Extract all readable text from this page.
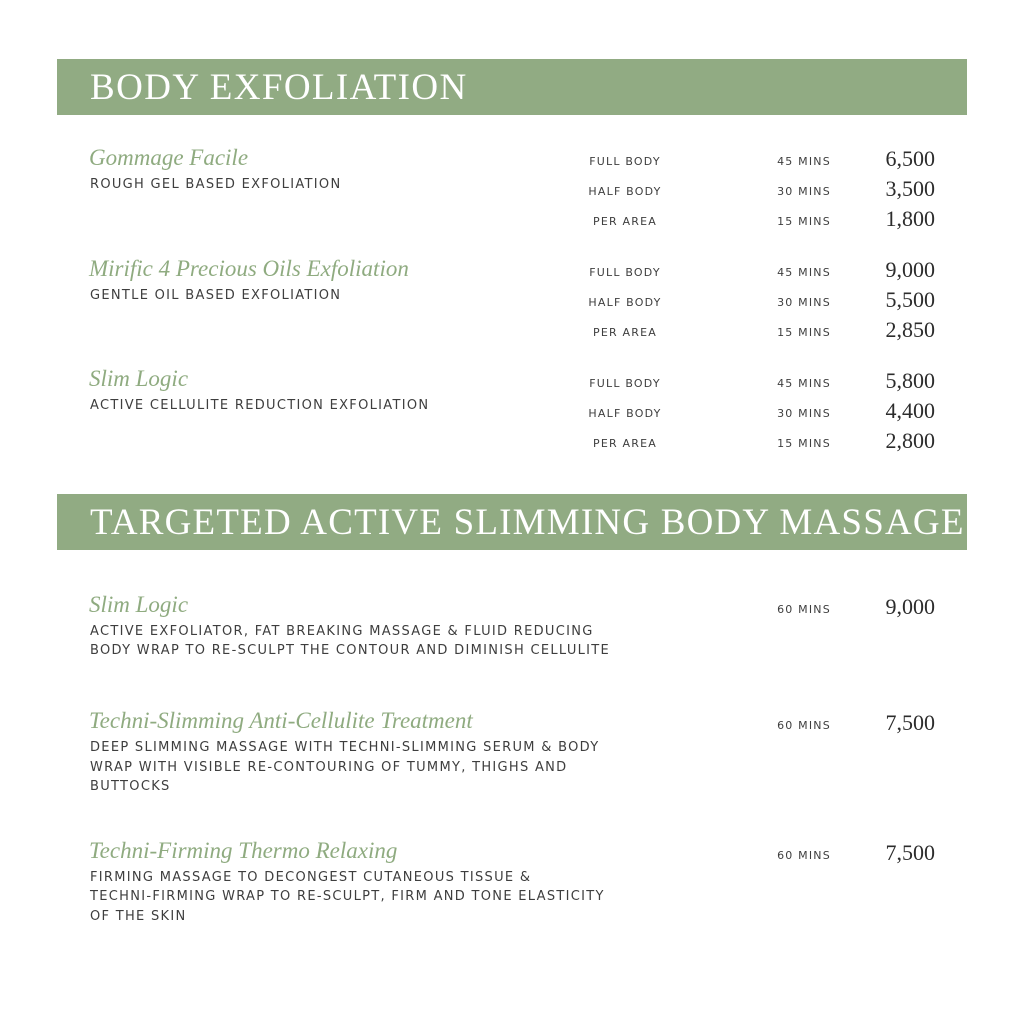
BODY EXFOLIATION
Gommage Facile
ROUGH GEL BASED EXFOLIATION
FULL BODY	45 MINS	6,500
HALF BODY	30 MINS	3,500
PER AREA	15 MINS	1,800
Mirific 4 Precious Oils Exfoliation
GENTLE OIL BASED EXFOLIATION
FULL BODY	45 MINS	9,000
HALF BODY	30 MINS	5,500
PER AREA	15 MINS	2,850
Slim Logic
ACTIVE CELLULITE REDUCTION EXFOLIATION
FULL BODY	45 MINS	5,800
HALF BODY	30 MINS	4,400
PER AREA	15 MINS	2,800
TARGETED ACTIVE SLIMMING BODY MASSAGES
Slim Logic
ACTIVE EXFOLIATOR, FAT BREAKING MASSAGE & FLUID REDUCING
BODY WRAP TO RE-SCULPT THE CONTOUR AND DIMINISH CELLULITE
60 MINS	9,000
Techni-Slimming Anti-Cellulite Treatment
DEEP SLIMMING MASSAGE WITH TECHNI-SLIMMING SERUM & BODY
WRAP WITH VISIBLE RE-CONTOURING OF TUMMY, THIGHS AND
BUTTOCKS
60 MINS	7,500
Techni-Firming Thermo Relaxing
FIRMING MASSAGE TO DECONGEST CUTANEOUS TISSUE &
TECHNI-FIRMING WRAP TO RE-SCULPT, FIRM AND TONE ELASTICITY
OF THE SKIN
60 MINS	7,500
